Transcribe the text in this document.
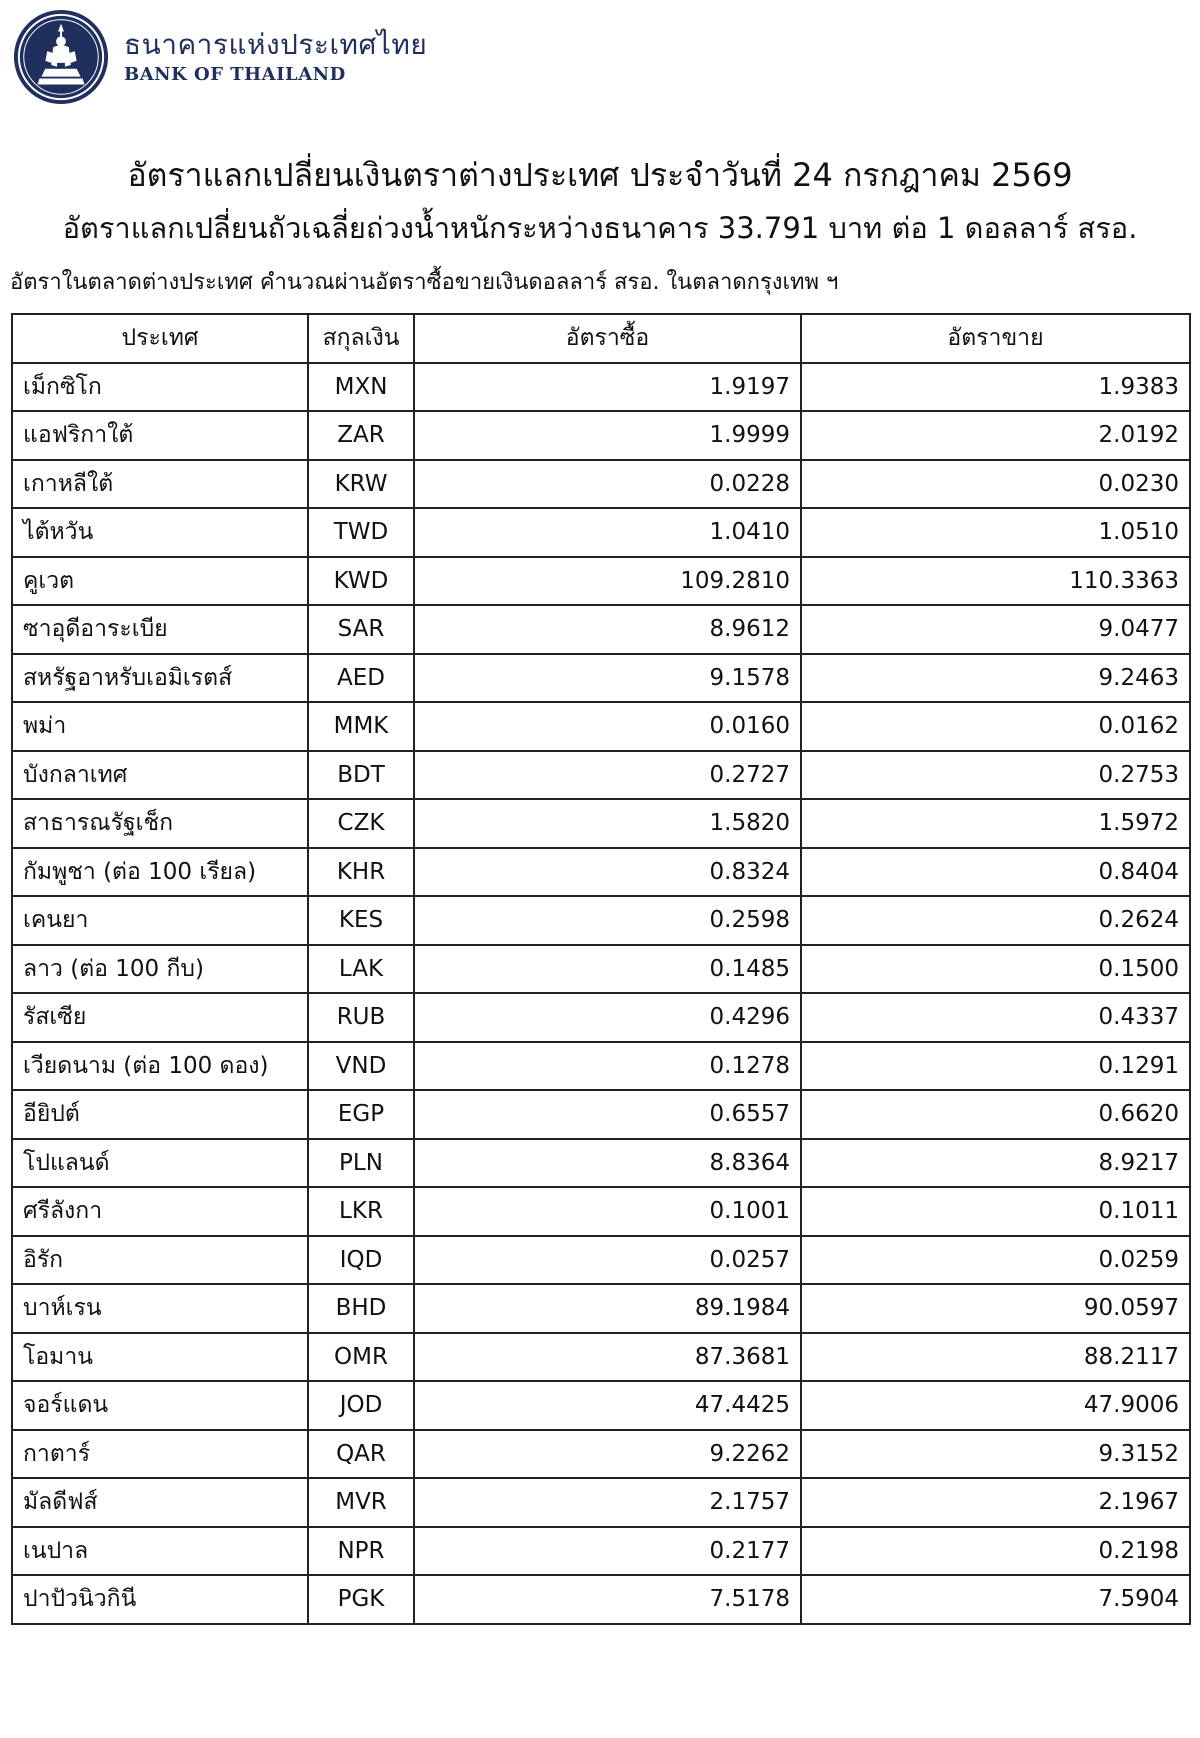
ธนาคารแห่งประเทศไทย
BANK OF THAILAND
อัตราแลกเปลี่ยนเงินตราต่างประเทศ ประจำวันที่ 24 กรกฎาคม 2569
อัตราแลกเปลี่ยนถัวเฉลี่ยถ่วงน้ำหนักระหว่างธนาคาร 33.791 บาท ต่อ 1 ดอลลาร์ สรอ.
อัตราในตลาดต่างประเทศ คำนวณผ่านอัตราซื้อขายเงินดอลลาร์ สรอ. ในตลาดกรุงเทพ ฯ
ประเทศ	สกุลเงิน	อัตราซื้อ	อัตราขาย
เม็กซิโก	MXN	1.9197	1.9383
แอฟริกาใต้	ZAR	1.9999	2.0192
เกาหลีใต้	KRW	0.0228	0.0230
ไต้หวัน	TWD	1.0410	1.0510
คูเวต	KWD	109.2810	110.3363
ซาอุดีอาระเบีย	SAR	8.9612	9.0477
สหรัฐอาหรับเอมิเรตส์	AED	9.1578	9.2463
พม่า	MMK	0.0160	0.0162
บังกลาเทศ	BDT	0.2727	0.2753
สาธารณรัฐเช็ก	CZK	1.5820	1.5972
กัมพูชา (ต่อ 100 เรียล)	KHR	0.8324	0.8404
เคนยา	KES	0.2598	0.2624
ลาว (ต่อ 100 กีบ)	LAK	0.1485	0.1500
รัสเซีย	RUB	0.4296	0.4337
เวียดนาม (ต่อ 100 ดอง)	VND	0.1278	0.1291
อียิปต์	EGP	0.6557	0.6620
โปแลนด์	PLN	8.8364	8.9217
ศรีลังกา	LKR	0.1001	0.1011
อิรัก	IQD	0.0257	0.0259
บาห์เรน	BHD	89.1984	90.0597
โอมาน	OMR	87.3681	88.2117
จอร์แดน	JOD	47.4425	47.9006
กาตาร์	QAR	9.2262	9.3152
มัลดีฟส์	MVR	2.1757	2.1967
เนปาล	NPR	0.2177	0.2198
ปาปัวนิวกินี	PGK	7.5178	7.5904
